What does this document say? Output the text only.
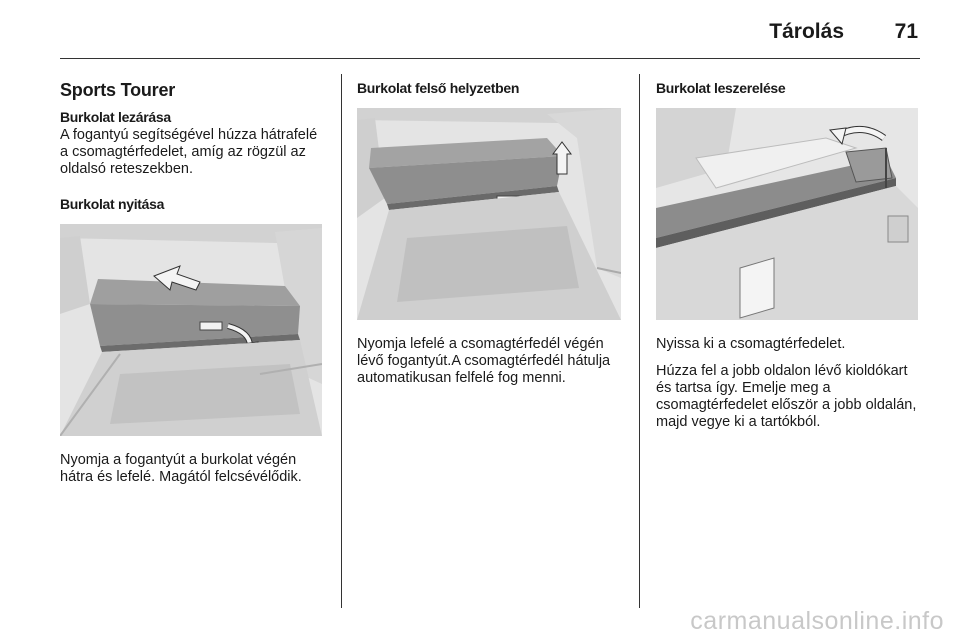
Tárolás 71
Sports Tourer
Burkolat lezárása

A fogantyú segítségével húzza hátrafelé a csomagtérfedelet, amíg az rögzül az oldalsó reteszekben.

Burkolat nyitása

Nyomja a fogantyút a burkolat végén hátra és lefelé. Magától felcsévélődik.

Burkolat felső helyzetben

Nyomja lefelé a csomagtérfedél végén lévő fogantyút.A csomagtérfedél hátulja automatikusan felfelé fog menni.

Burkolat leszerelése

Nyissa ki a csomagtérfedelet.

Húzza fel a jobb oldalon lévő kioldókart és tartsa így. Emelje meg a csomagtérfedelet először a jobb oldalán, majd vegye ki a tartókból.

carmanualsonline.info
